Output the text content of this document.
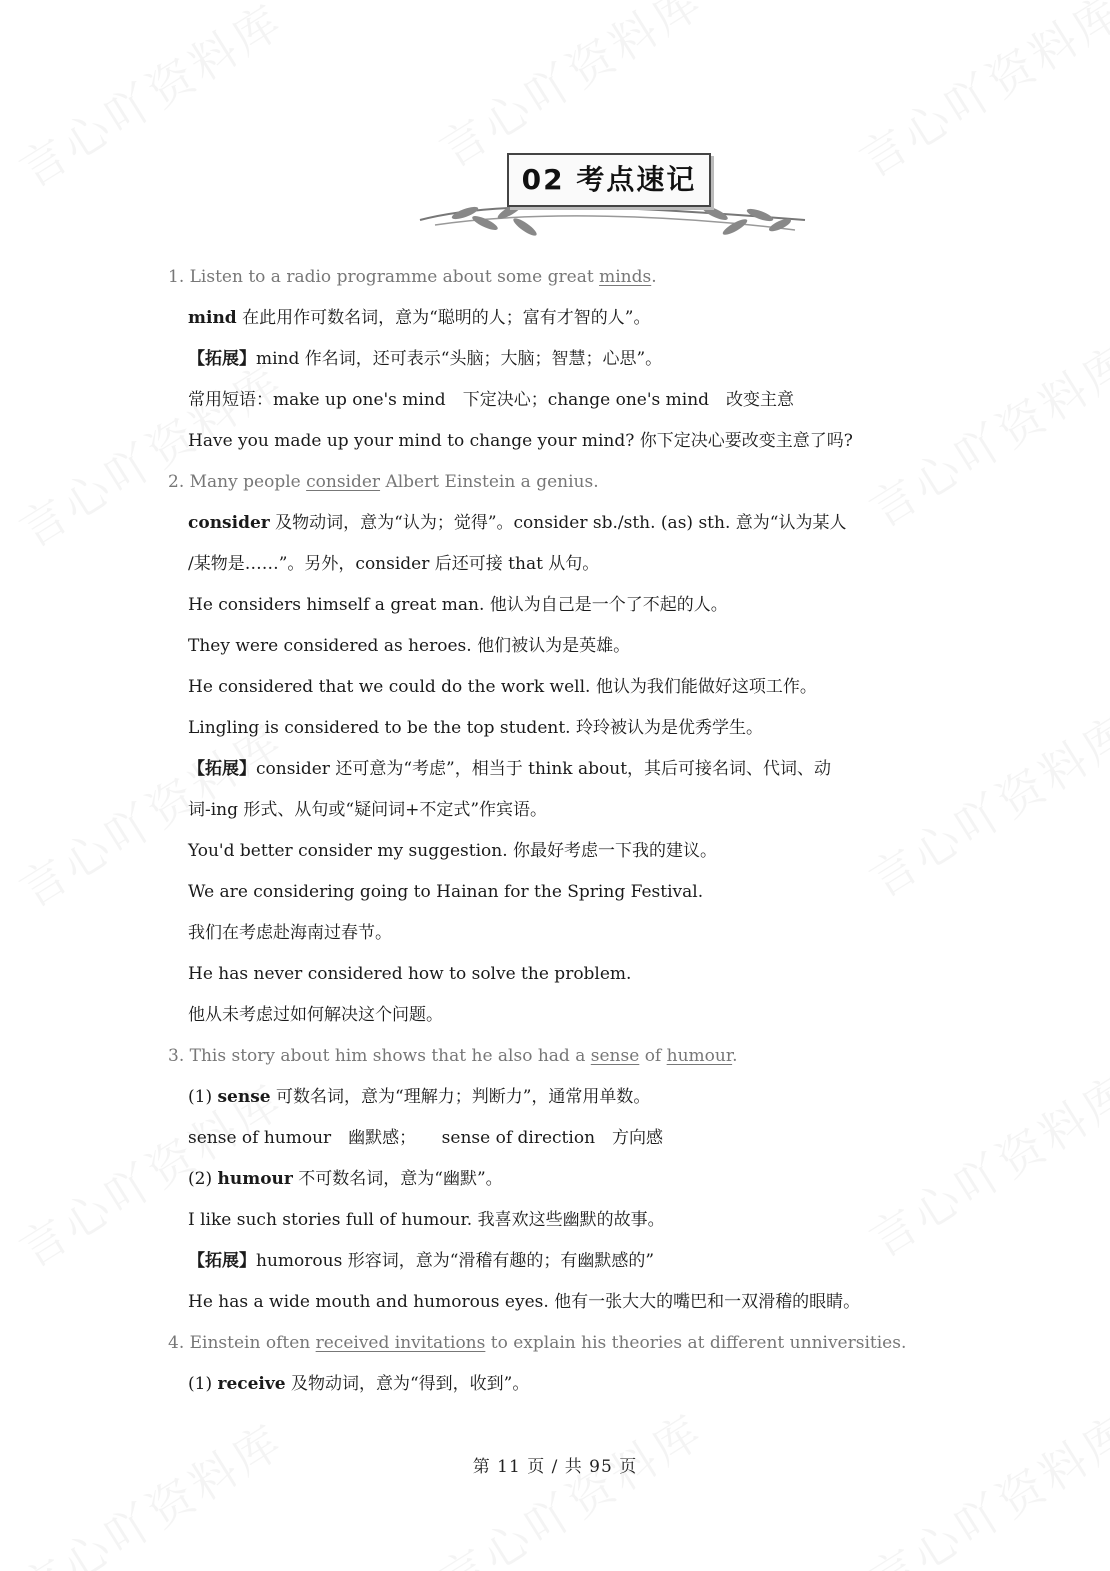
02 考点速记
1. Listen to a radio programme about some great minds.
mind 在此用作可数名词，意为“聪明的人；富有才智的人”。
【拓展】mind 作名词，还可表示“头脑；大脑；智慧；心思”。
常用短语：make up one's mind　下定决心；change one's mind　改变主意
Have you made up your mind to change your mind? 你下定决心要改变主意了吗?
2. Many people consider Albert Einstein a genius.
consider 及物动词，意为“认为；觉得”。consider sb./sth. (as) sth. 意为“认为某人
/某物是……”。另外，consider 后还可接 that 从句。
He considers himself a great man. 他认为自己是一个了不起的人。
They were considered as heroes. 他们被认为是英雄。
He considered that we could do the work well. 他认为我们能做好这项工作。
Lingling is considered to be the top student. 玲玲被认为是优秀学生。
【拓展】consider 还可意为“考虑”，相当于 think about，其后可接名词、代词、动
词-ing 形式、从句或“疑问词+不定式”作宾语。
You'd better consider my suggestion. 你最好考虑一下我的建议。
We are considering going to Hainan for the Spring Festival.
我们在考虑赴海南过春节。
He has never considered how to solve the problem.
他从未考虑过如何解决这个问题。
3. This story about him shows that he also had a sense of humour.
(1) sense 可数名词，意为“理解力；判断力”，通常用单数。
sense of humour　幽默感；　　sense of direction　方向感
(2) humour 不可数名词，意为“幽默”。
I like such stories full of humour. 我喜欢这些幽默的故事。
【拓展】humorous 形容词，意为“滑稽有趣的；有幽默感的”
He has a wide mouth and humorous eyes. 他有一张大大的嘴巴和一双滑稽的眼睛。
4. Einstein often received invitations to explain his theories at different unniversities.
(1) receive 及物动词，意为“得到，收到”。
第 11 页 / 共 95 页
